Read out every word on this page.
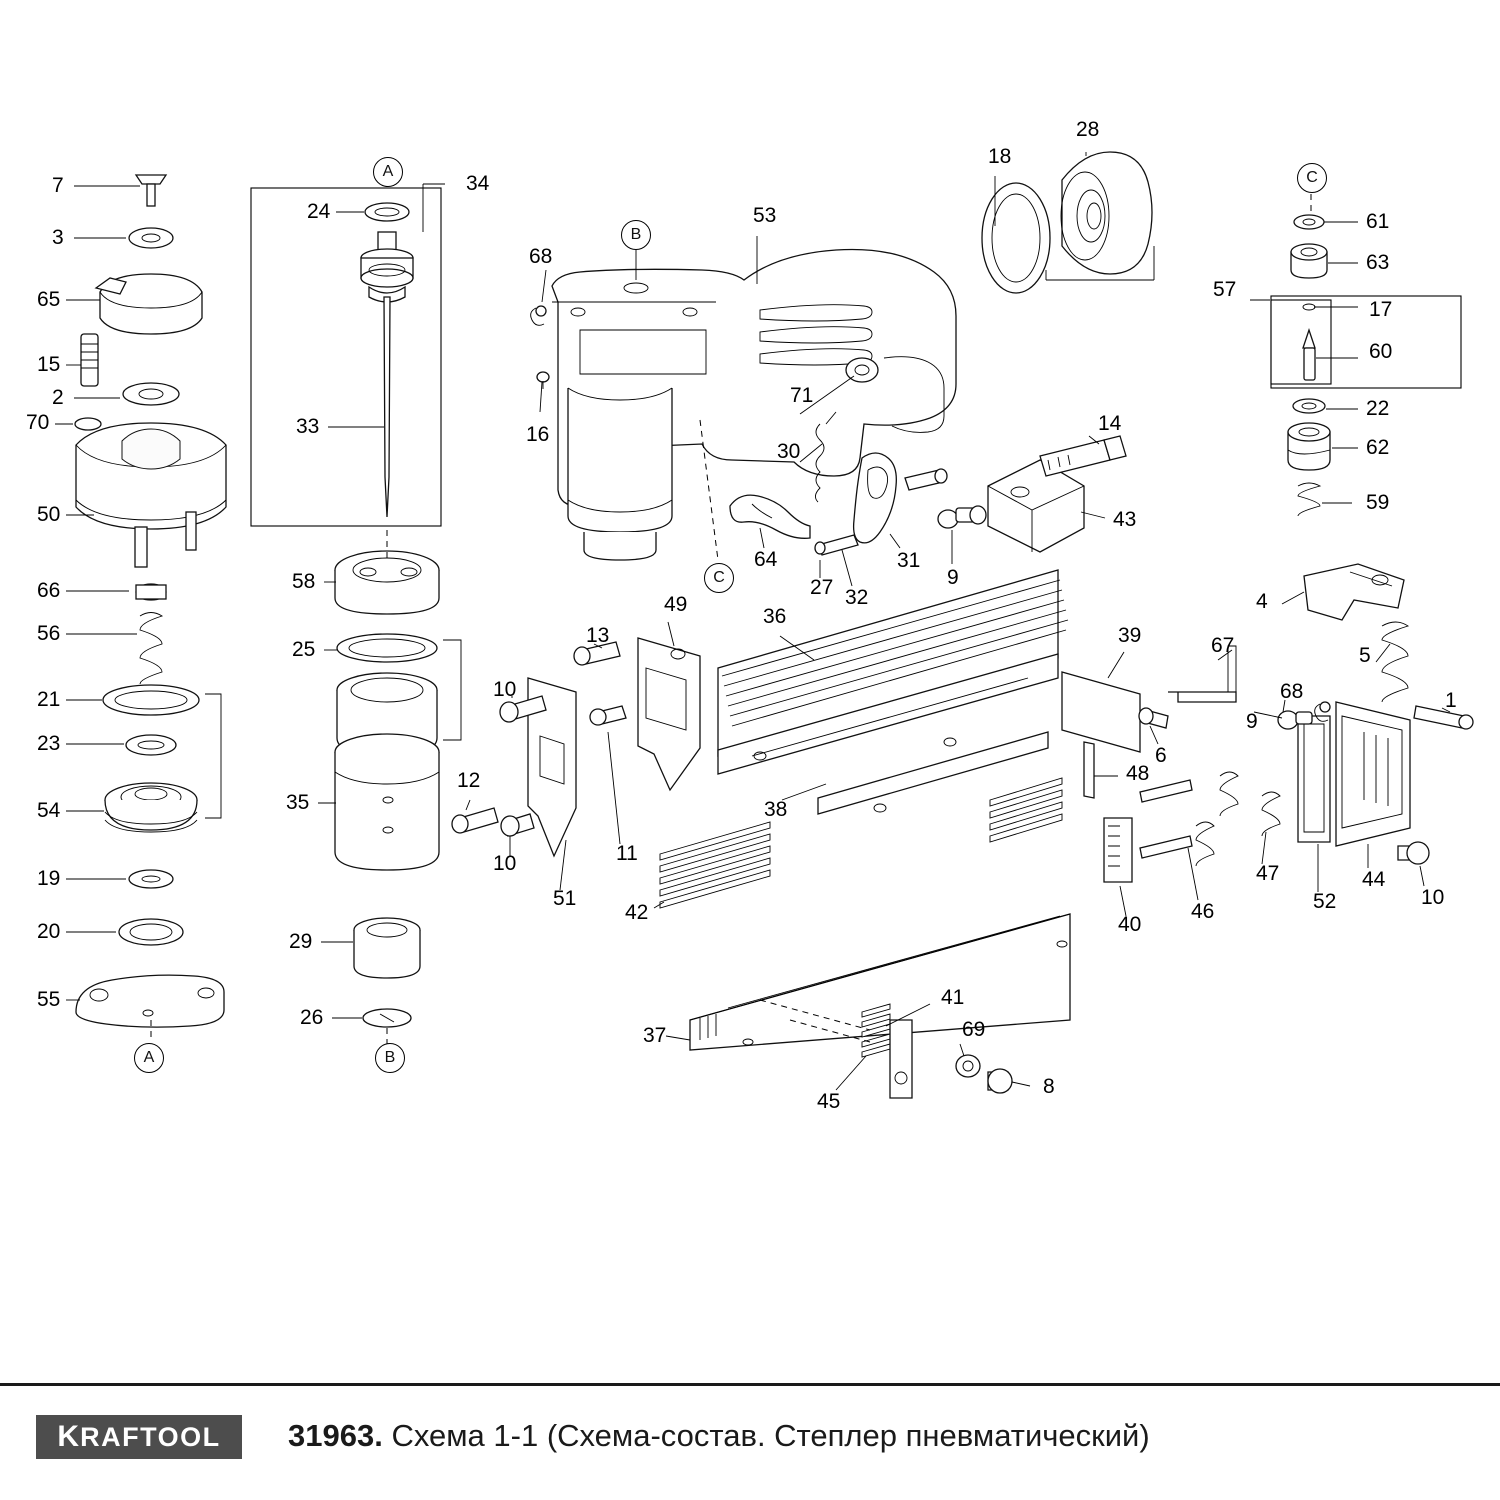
A
A
B
B
C
C
7
3
65
15
2
70
50
66
56
21
23
54
19
20
55
24
34
33
58
25
35
29
26
68
16
53
18
28
71
30
64
27 32
31
9
43
14
57
61
63
17
60
22
62
59
13
10
12
10	11
51
49
36
38
42
39
6
48
40
46
47
52
44
10
67
68
9
4
5
1
37
41
45
69
8
K RAFTOOL 31963. Схема 1-1 (Схема-состав. Степлер пневматический)
